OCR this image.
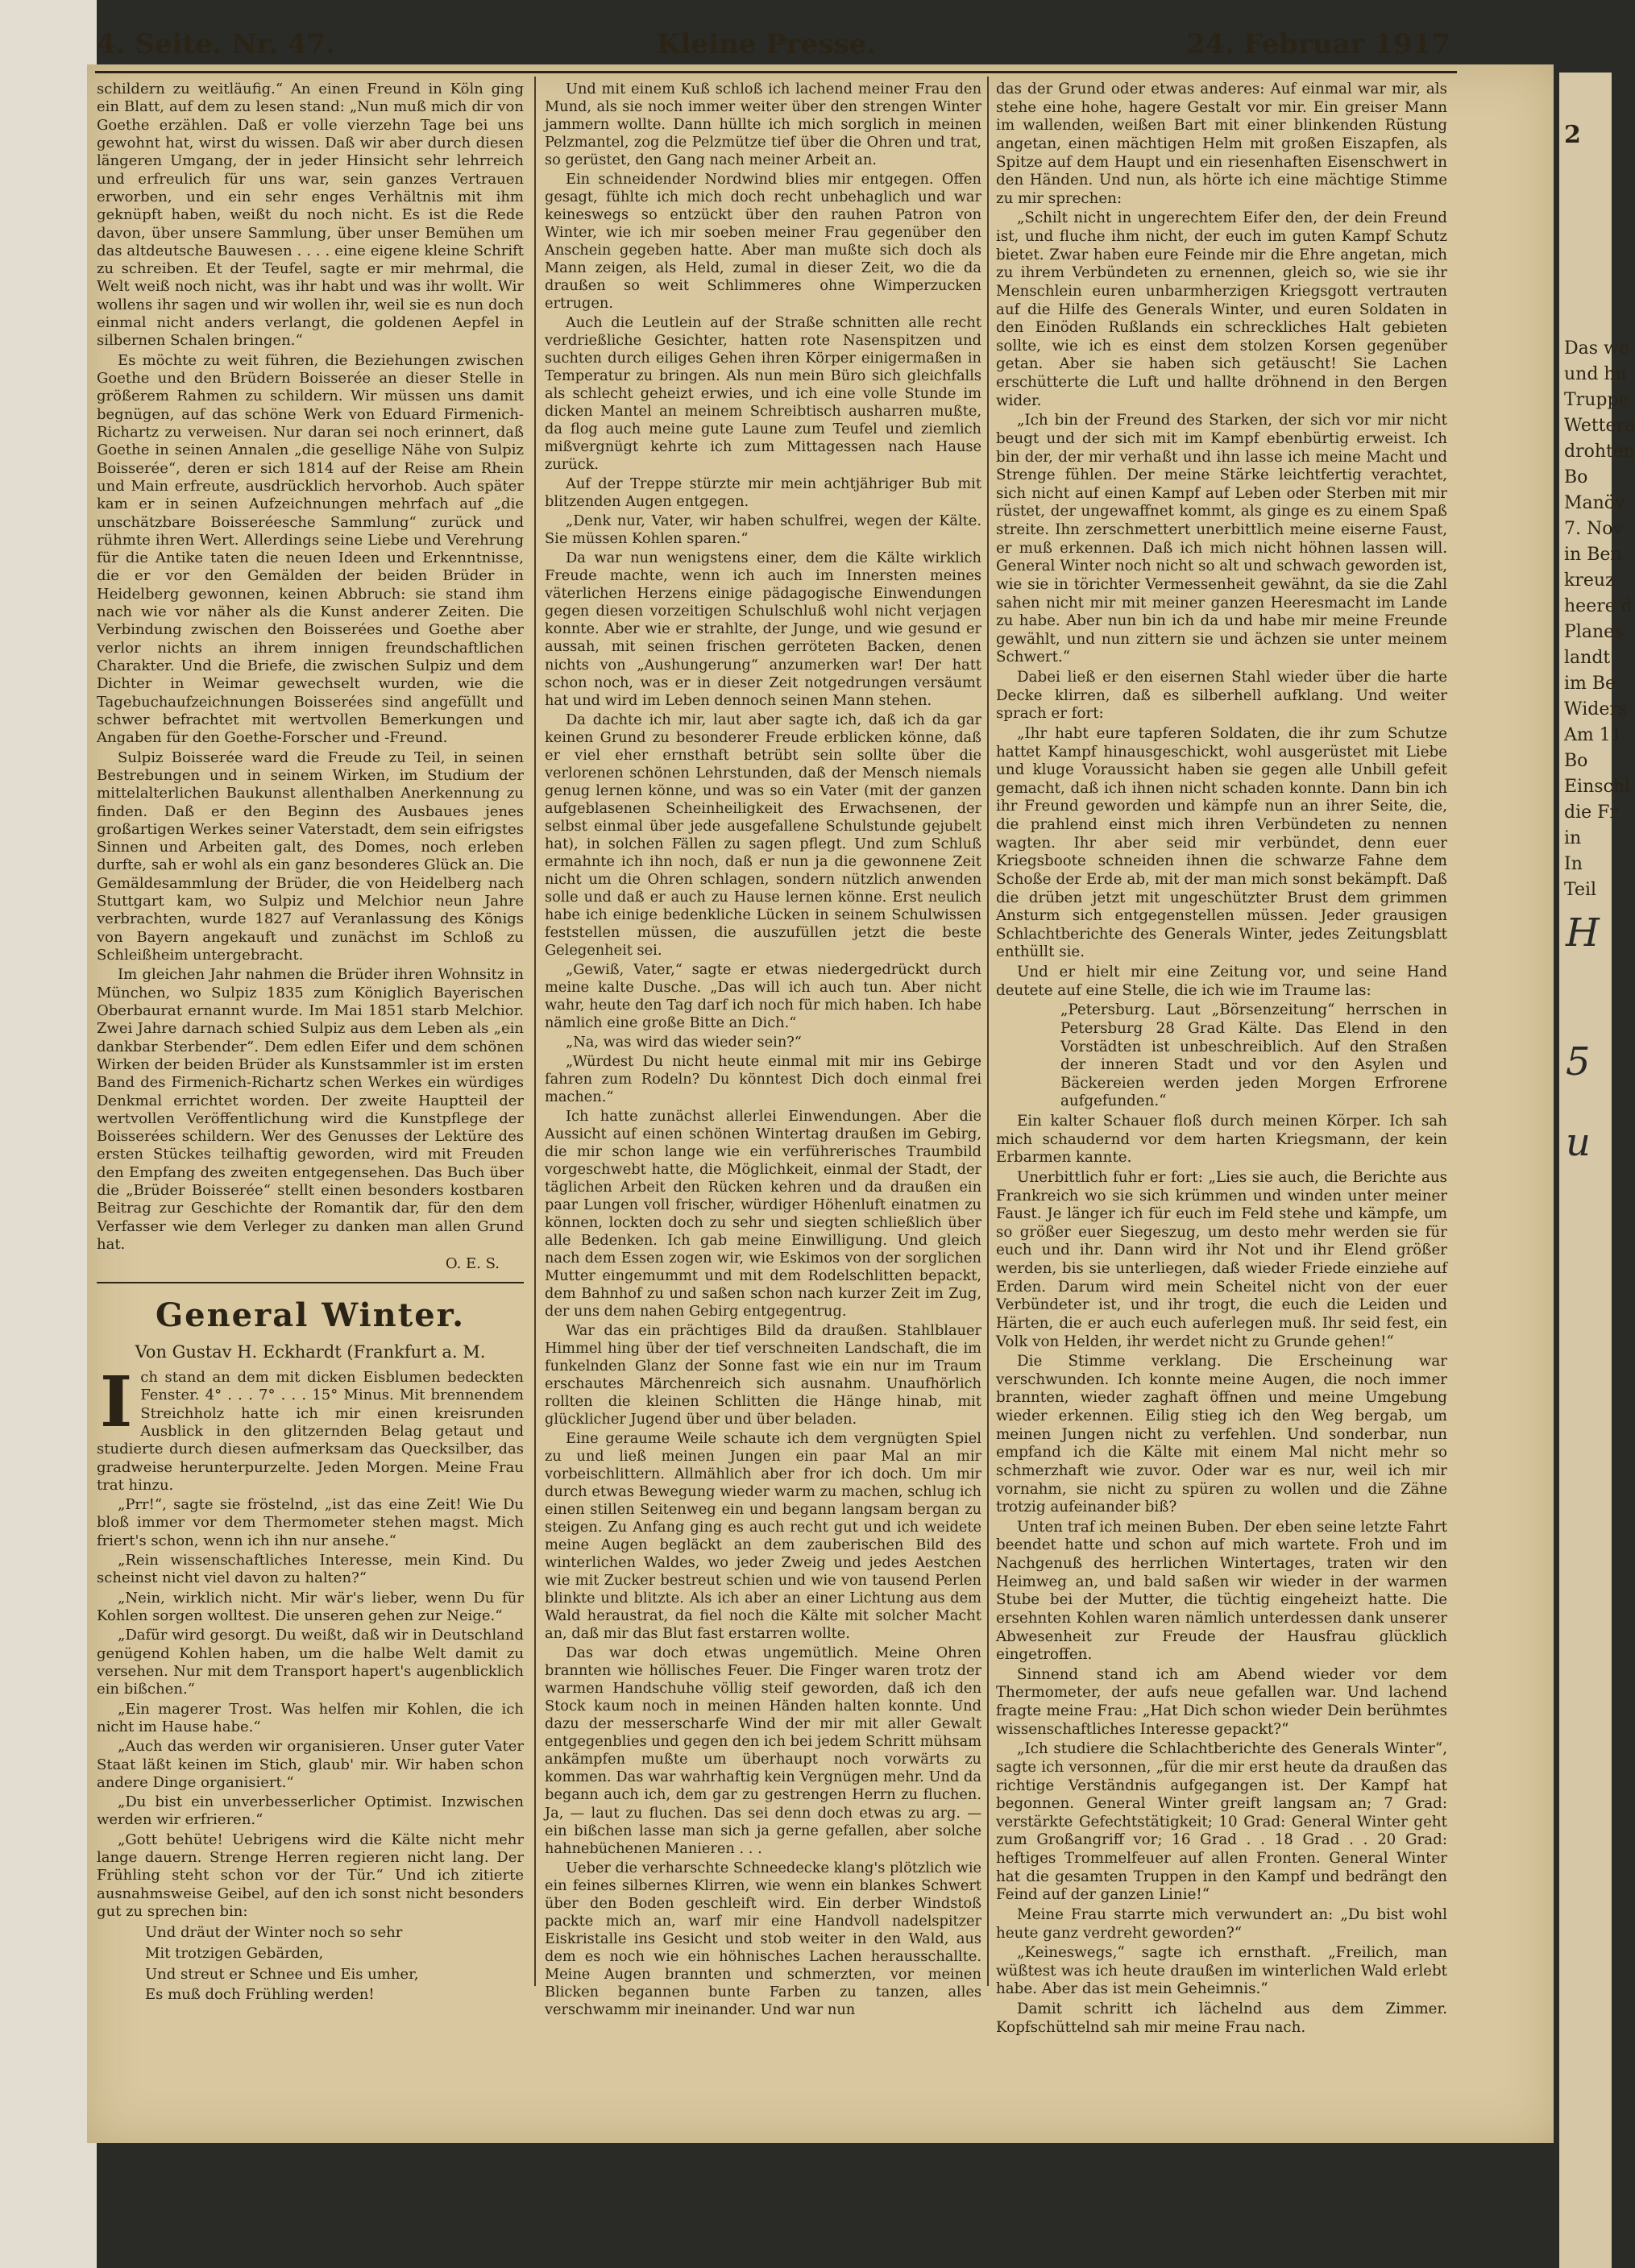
2
Das we
und hu
Truppe
Wettera
drohten
Bo
Manöv
7. Nov
in Ben
kreuz
heere d
Planes
landt
im Be
Widers
Am 11
Bo
Einschl
die Fr
in
In
Teil
H
5
u
4. Seite. Nr. 47.	Kleine Presse.	24. Februar 1917

schildern zu weitläufig.“ An einen Freund in Köln ging ein Blatt, auf dem zu lesen stand: „Nun muß mich dir von Goethe erzählen. Daß er volle vierzehn Tage bei uns gewohnt hat, wirst du wissen. Daß wir aber durch diesen längeren Umgang, der in jeder Hinsicht sehr lehrreich und erfreulich für uns war, sein ganzes Vertrauen erworben, und ein sehr enges Verhältnis mit ihm geknüpft haben, weißt du noch nicht. Es ist die Rede davon, über unsere Sammlung, über unser Bemühen um das altdeutsche Bauwesen . . . . eine eigene kleine Schrift zu schreiben. Et der Teufel, sagte er mir mehrmal, die Welt weiß noch nicht, was ihr habt und was ihr wollt. Wir wollens ihr sagen und wir wollen ihr, weil sie es nun doch einmal nicht anders verlangt, die goldenen Aepfel in silbernen Schalen bringen.“

Es möchte zu weit führen, die Beziehungen zwischen Goethe und den Brüdern Boisserée an dieser Stelle in größerem Rahmen zu schildern. Wir müssen uns damit begnügen, auf das schöne Werk von Eduard Firmenich-Richartz zu verweisen. Nur daran sei noch erinnert, daß Goethe in seinen Annalen „die gesellige Nähe von Sulpiz Boisserée“, deren er sich 1814 auf der Reise am Rhein und Main erfreute, ausdrücklich hervorhob. Auch später kam er in seinen Aufzeichnungen mehrfach auf „die unschätzbare Boisseréesche Sammlung“ zurück und rühmte ihren Wert. Allerdings seine Liebe und Verehrung für die Antike taten die neuen Ideen und Erkenntnisse, die er vor den Gemälden der beiden Brüder in Heidelberg gewonnen, keinen Abbruch: sie stand ihm nach wie vor näher als die Kunst anderer Zeiten. Die Verbindung zwischen den Boisserées und Goethe aber verlor nichts an ihrem innigen freundschaftlichen Charakter. Und die Briefe, die zwischen Sulpiz und dem Dichter in Weimar gewechselt wurden, wie die Tagebuchaufzeichnungen Boisserées sind angefüllt und schwer befrachtet mit wertvollen Bemerkungen und Angaben für den Goethe-Forscher und -Freund.

Sulpiz Boisserée ward die Freude zu Teil, in seinen Bestrebungen und in seinem Wirken, im Studium der mittelalterlichen Baukunst allenthalben Anerkennung zu finden. Daß er den Beginn des Ausbaues jenes großartigen Werkes seiner Vaterstadt, dem sein eifrigstes Sinnen und Arbeiten galt, des Domes, noch erleben durfte, sah er wohl als ein ganz besonderes Glück an. Die Gemäldesammlung der Brüder, die von Heidelberg nach Stuttgart kam, wo Sulpiz und Melchior neun Jahre verbrachten, wurde 1827 auf Veranlassung des Königs von Bayern angekauft und zunächst im Schloß zu Schleißheim untergebracht.

Im gleichen Jahr nahmen die Brüder ihren Wohnsitz in München, wo Sulpiz 1835 zum Königlich Bayerischen Oberbaurat ernannt wurde. Im Mai 1851 starb Melchior. Zwei Jahre darnach schied Sulpiz aus dem Leben als „ein dankbar Sterbender“. Dem edlen Eifer und dem schönen Wirken der beiden Brüder als Kunstsammler ist im ersten Band des Firmenich-Richartz schen Werkes ein würdiges Denkmal errichtet worden. Der zweite Hauptteil der wertvollen Veröffentlichung wird die Kunstpflege der Boisserées schildern. Wer des Genusses der Lektüre des ersten Stückes teilhaftig geworden, wird mit Freuden den Empfang des zweiten entgegensehen. Das Buch über die „Brüder Boisserée“ stellt einen besonders kostbaren Beitrag zur Geschichte der Romantik dar, für den dem Verfasser wie dem Verleger zu danken man allen Grund hat.

O. E. S.
General Winter.
Von Gustav H. Eckhardt (Frankfurt a. M.

Ich stand an dem mit dicken Eisblumen bedeckten Fenster. 4° . . . 7° . . . 15° Minus. Mit brennendem Streichholz hatte ich mir einen kreisrunden Ausblick in den glitzernden Belag getaut und studierte durch diesen aufmerksam das Quecksilber, das gradweise herunterpurzelte. Jeden Morgen. Meine Frau trat hinzu.

„Prr!“, sagte sie fröstelnd, „ist das eine Zeit! Wie Du bloß immer vor dem Thermometer stehen magst. Mich friert's schon, wenn ich ihn nur ansehe.“

„Rein wissenschaftliches Interesse, mein Kind. Du scheinst nicht viel davon zu halten?“

„Nein, wirklich nicht. Mir wär's lieber, wenn Du für Kohlen sorgen wolltest. Die unseren gehen zur Neige.“

„Dafür wird gesorgt. Du weißt, daß wir in Deutschland genügend Kohlen haben, um die halbe Welt damit zu versehen. Nur mit dem Transport hapert's augenblicklich ein bißchen.“

„Ein magerer Trost. Was helfen mir Kohlen, die ich nicht im Hause habe.“

„Auch das werden wir organisieren. Unser guter Vater Staat läßt keinen im Stich, glaub' mir. Wir haben schon andere Dinge organisiert.“

„Du bist ein unverbesserlicher Optimist. Inzwischen werden wir erfrieren.“

„Gott behüte! Uebrigens wird die Kälte nicht mehr lange dauern. Strenge Herren regieren nicht lang. Der Frühling steht schon vor der Tür.“ Und ich zitierte ausnahmsweise Geibel, auf den ich sonst nicht besonders gut zu sprechen bin:

Und dräut der Winter noch so sehr
Mit trotzigen Gebärden,
Und streut er Schnee und Eis umher,
Es muß doch Frühling werden!

Und mit einem Kuß schloß ich lachend meiner Frau den Mund, als sie noch immer weiter über den strengen Winter jammern wollte. Dann hüllte ich mich sorglich in meinen Pelzmantel, zog die Pelzmütze tief über die Ohren und trat, so gerüstet, den Gang nach meiner Arbeit an.

Ein schneidender Nordwind blies mir entgegen. Offen gesagt, fühlte ich mich doch recht unbehaglich und war keineswegs so entzückt über den rauhen Patron von Winter, wie ich mir soeben meiner Frau gegenüber den Anschein gegeben hatte. Aber man mußte sich doch als Mann zeigen, als Held, zumal in dieser Zeit, wo die da draußen so weit Schlimmeres ohne Wimperzucken ertrugen.

Auch die Leutlein auf der Straße schnitten alle recht verdrießliche Gesichter, hatten rote Nasenspitzen und suchten durch eiliges Gehen ihren Körper einigermaßen in Temperatur zu bringen. Als nun mein Büro sich gleichfalls als schlecht geheizt erwies, und ich eine volle Stunde im dicken Mantel an meinem Schreibtisch ausharren mußte, da flog auch meine gute Laune zum Teufel und ziemlich mißvergnügt kehrte ich zum Mittagessen nach Hause zurück.

Auf der Treppe stürzte mir mein achtjähriger Bub mit blitzenden Augen entgegen.

„Denk nur, Vater, wir haben schulfrei, wegen der Kälte. Sie müssen Kohlen sparen.“

Da war nun wenigstens einer, dem die Kälte wirklich Freude machte, wenn ich auch im Innersten meines väterlichen Herzens einige pädagogische Einwendungen gegen diesen vorzeitigen Schulschluß wohl nicht verjagen konnte. Aber wie er strahlte, der Junge, und wie gesund er aussah, mit seinen frischen gerröteten Backen, denen nichts von „Aushungerung“ anzumerken war! Der hatt schon noch, was er in dieser Zeit notgedrungen versäumt hat und wird im Leben dennoch seinen Mann stehen.

Da dachte ich mir, laut aber sagte ich, daß ich da gar keinen Grund zu besonderer Freude erblicken könne, daß er viel eher ernsthaft betrübt sein sollte über die verlorenen schönen Lehrstunden, daß der Mensch niemals genug lernen könne, und was so ein Vater (mit der ganzen aufgeblasenen Scheinheiligkeit des Erwachsenen, der selbst einmal über jede ausgefallene Schulstunde gejubelt hat), in solchen Fällen zu sagen pflegt. Und zum Schluß ermahnte ich ihn noch, daß er nun ja die gewonnene Zeit nicht um die Ohren schlagen, sondern nützlich anwenden solle und daß er auch zu Hause lernen könne. Erst neulich habe ich einige bedenkliche Lücken in seinem Schulwissen feststellen müssen, die auszufüllen jetzt die beste Gelegenheit sei.

„Gewiß, Vater,“ sagte er etwas niedergedrückt durch meine kalte Dusche. „Das will ich auch tun. Aber nicht wahr, heute den Tag darf ich noch für mich haben. Ich habe nämlich eine große Bitte an Dich.“

„Na, was wird das wieder sein?“

„Würdest Du nicht heute einmal mit mir ins Gebirge fahren zum Rodeln? Du könntest Dich doch einmal frei machen.“

Ich hatte zunächst allerlei Einwendungen. Aber die Aussicht auf einen schönen Wintertag draußen im Gebirg, die mir schon lange wie ein verführerisches Traumbild vorgeschwebt hatte, die Möglichkeit, einmal der Stadt, der täglichen Arbeit den Rücken kehren und da draußen ein paar Lungen voll frischer, würdiger Höhenluft einatmen zu können, lockten doch zu sehr und siegten schließlich über alle Bedenken. Ich gab meine Einwilligung. Und gleich nach dem Essen zogen wir, wie Eskimos von der sorglichen Mutter eingemummt und mit dem Rodelschlitten bepackt, dem Bahnhof zu und saßen schon nach kurzer Zeit im Zug, der uns dem nahen Gebirg entgegentrug.

War das ein prächtiges Bild da draußen. Stahlblauer Himmel hing über der tief verschneiten Landschaft, die im funkelnden Glanz der Sonne fast wie ein nur im Traum erschautes Märchenreich sich ausnahm. Unaufhörlich rollten die kleinen Schlitten die Hänge hinab, mit glücklicher Jugend über und über beladen.

Eine geraume Weile schaute ich dem vergnügten Spiel zu und ließ meinen Jungen ein paar Mal an mir vorbeischlittern. Allmählich aber fror ich doch. Um mir durch etwas Bewegung wieder warm zu machen, schlug ich einen stillen Seitenweg ein und begann langsam bergan zu steigen. Zu Anfang ging es auch recht gut und ich weidete meine Augen begläckt an dem zauberischen Bild des winterlichen Waldes, wo jeder Zweig und jedes Aestchen wie mit Zucker bestreut schien und wie von tausend Perlen blinkte und blitzte. Als ich aber an einer Lichtung aus dem Wald heraustrat, da fiel noch die Kälte mit solcher Macht an, daß mir das Blut fast erstarren wollte.

Das war doch etwas ungemütlich. Meine Ohren brannten wie höllisches Feuer. Die Finger waren trotz der warmen Handschuhe völlig steif geworden, daß ich den Stock kaum noch in meinen Händen halten konnte. Und dazu der messerscharfe Wind der mir mit aller Gewalt entgegenblies und gegen den ich bei jedem Schritt mühsam ankämpfen mußte um überhaupt noch vorwärts zu kommen. Das war wahrhaftig kein Vergnügen mehr. Und da begann auch ich, dem gar zu gestrengen Herrn zu fluchen. Ja, — laut zu fluchen. Das sei denn doch etwas zu arg. — ein bißchen lasse man sich ja gerne gefallen, aber solche hahnebüchenen Manieren . . .

Ueber die verharschte Schneedecke klang's plötzlich wie ein feines silbernes Klirren, wie wenn ein blankes Schwert über den Boden geschleift wird. Ein derber Windstoß packte mich an, warf mir eine Handvoll nadelspitzer Eiskristalle ins Gesicht und stob weiter in den Wald, aus dem es noch wie ein höhnisches Lachen herausschallte. Meine Augen brannten und schmerzten, vor meinen Blicken begannen bunte Farben zu tanzen, alles verschwamm mir ineinander. Und war nun

das der Grund oder etwas anderes: Auf einmal war mir, als stehe eine hohe, hagere Gestalt vor mir. Ein greiser Mann im wallenden, weißen Bart mit einer blinkenden Rüstung angetan, einen mächtigen Helm mit großen Eiszapfen, als Spitze auf dem Haupt und ein riesenhaften Eisenschwert in den Händen. Und nun, als hörte ich eine mächtige Stimme zu mir sprechen:

„Schilt nicht in ungerechtem Eifer den, der dein Freund ist, und fluche ihm nicht, der euch im guten Kampf Schutz bietet. Zwar haben eure Feinde mir die Ehre angetan, mich zu ihrem Verbündeten zu ernennen, gleich so, wie sie ihr Menschlein euren unbarmherzigen Kriegsgott vertrauten auf die Hilfe des Generals Winter, und euren Soldaten in den Einöden Rußlands ein schreckliches Halt gebieten sollte, wie ich es einst dem stolzen Korsen gegenüber getan. Aber sie haben sich getäuscht! Sie Lachen erschütterte die Luft und hallte dröhnend in den Bergen wider.

„Ich bin der Freund des Starken, der sich vor mir nicht beugt und der sich mit im Kampf ebenbürtig erweist. Ich bin der, der mir verhaßt und ihn lasse ich meine Macht und Strenge fühlen. Der meine Stärke leichtfertig verachtet, sich nicht auf einen Kampf auf Leben oder Sterben mit mir rüstet, der ungewaffnet kommt, als ginge es zu einem Spaß streite. Ihn zerschmettert unerbittlich meine eiserne Faust, er muß erkennen. Daß ich mich nicht höhnen lassen will. General Winter noch nicht so alt und schwach geworden ist, wie sie in törichter Vermessenheit gewähnt, da sie die Zahl sahen nicht mir mit meiner ganzen Heeresmacht im Lande zu habe. Aber nun bin ich da und habe mir meine Freunde gewählt, und nun zittern sie und ächzen sie unter meinem Schwert.“

Dabei ließ er den eisernen Stahl wieder über die harte Decke klirren, daß es silberhell aufklang. Und weiter sprach er fort:

„Ihr habt eure tapferen Soldaten, die ihr zum Schutze hattet Kampf hinausgeschickt, wohl ausgerüstet mit Liebe und kluge Voraussicht haben sie gegen alle Unbill gefeit gemacht, daß ich ihnen nicht schaden konnte. Dann bin ich ihr Freund geworden und kämpfe nun an ihrer Seite, die, die prahlend einst mich ihren Verbündeten zu nennen wagten. Ihr aber seid mir verbündet, denn euer Kriegsboote schneiden ihnen die schwarze Fahne dem Schoße der Erde ab, mit der man mich sonst bekämpft. Daß die drüben jetzt mit ungeschützter Brust dem grimmen Ansturm sich entgegenstellen müssen. Jeder grausigen Schlachtberichte des Generals Winter, jedes Zeitungsblatt enthüllt sie.

Und er hielt mir eine Zeitung vor, und seine Hand deutete auf eine Stelle, die ich wie im Traume las:

„Petersburg. Laut „Börsenzeitung“ herrschen in Petersburg 28 Grad Kälte. Das Elend in den Vorstädten ist unbeschreiblich. Auf den Straßen der inneren Stadt und vor den Asylen und Bäckereien werden jeden Morgen Erfrorene aufgefunden.“

Ein kalter Schauer floß durch meinen Körper. Ich sah mich schaudernd vor dem harten Kriegsmann, der kein Erbarmen kannte.

Unerbittlich fuhr er fort: „Lies sie auch, die Berichte aus Frankreich wo sie sich krümmen und winden unter meiner Faust. Je länger ich für euch im Feld stehe und kämpfe, um so größer euer Siegeszug, um desto mehr werden sie für euch und ihr. Dann wird ihr Not und ihr Elend größer werden, bis sie unterliegen, daß wieder Friede einziehe auf Erden. Darum wird mein Scheitel nicht von der euer Verbündeter ist, und ihr trogt, die euch die Leiden und Härten, die er auch euch auferlegen muß. Ihr seid fest, ein Volk von Helden, ihr werdet nicht zu Grunde gehen!“

Die Stimme verklang. Die Erscheinung war verschwunden. Ich konnte meine Augen, die noch immer brannten, wieder zaghaft öffnen und meine Umgebung wieder erkennen. Eilig stieg ich den Weg bergab, um meinen Jungen nicht zu verfehlen. Und sonderbar, nun empfand ich die Kälte mit einem Mal nicht mehr so schmerzhaft wie zuvor. Oder war es nur, weil ich mir vornahm, sie nicht zu spüren zu wollen und die Zähne trotzig aufeinander biß?

Unten traf ich meinen Buben. Der eben seine letzte Fahrt beendet hatte und schon auf mich wartete. Froh und im Nachgenuß des herrlichen Wintertages, traten wir den Heimweg an, und bald saßen wir wieder in der warmen Stube bei der Mutter, die tüchtig eingeheizt hatte. Die ersehnten Kohlen waren nämlich unterdessen dank unserer Abwesenheit zur Freude der Hausfrau glücklich eingetroffen.

Sinnend stand ich am Abend wieder vor dem Thermometer, der aufs neue gefallen war. Und lachend fragte meine Frau: „Hat Dich schon wieder Dein berühmtes wissenschaftliches Interesse gepackt?“

„Ich studiere die Schlachtberichte des Generals Winter“, sagte ich versonnen, „für die mir erst heute da draußen das richtige Verständnis aufgegangen ist. Der Kampf hat begonnen. General Winter greift langsam an; 7 Grad: verstärkte Gefechtstätigkeit; 10 Grad: General Winter geht zum Großangriff vor; 16 Grad . . 18 Grad . . 20 Grad: heftiges Trommelfeuer auf allen Fronten. General Winter hat die gesamten Truppen in den Kampf und bedrängt den Feind auf der ganzen Linie!“

Meine Frau starrte mich verwundert an: „Du bist wohl heute ganz verdreht geworden?“

„Keineswegs,“ sagte ich ernsthaft. „Freilich, man wüßtest was ich heute draußen im winterlichen Wald erlebt habe. Aber das ist mein Geheimnis.“

Damit schritt ich lächelnd aus dem Zimmer. Kopfschüttelnd sah mir meine Frau nach.
